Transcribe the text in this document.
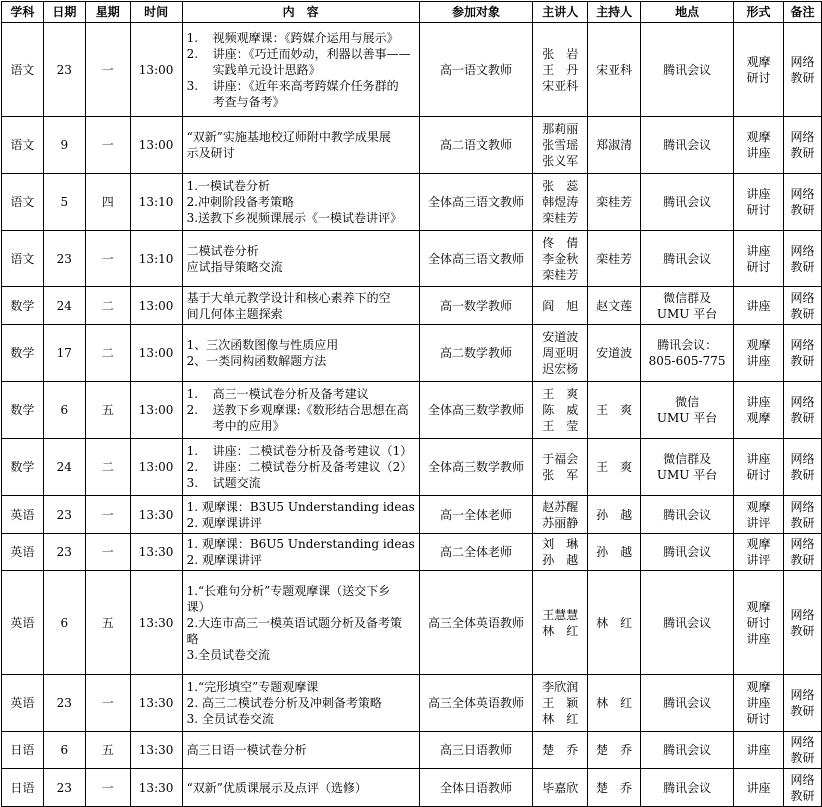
学科	日期	星期	时间	内　容	参加对象	主讲人	主持人	地点	形式	备注
语文	23	一	13:00	1. 视频观摩课：《跨媒介运用与展示》
2. 讲座：《巧迁而妙动，利器以善事——
实践单元设计思路》
3. 讲座：《近年来高考跨媒介任务群的
考查与备考》	高一语文教师	张　岩
王　丹
宋亚科	宋亚科	腾讯会议	观摩
研讨	网络
教研

语文	9	一	13:00	“双新”实施基地校辽师附中教学成果展
示及研讨	高二语文教师	那莉丽
张雪瑶
张义军	郑淑清	腾讯会议	观摩
讲座	网络
教研

语文	5	四	13:10	1.一模试卷分析
2.冲刺阶段备考策略
3.送教下乡视频课展示《一模试卷讲评》	全体高三语文教师	张　蕊
韩煜涛
栾桂芳	栾桂芳	腾讯会议	讲座
研讨	网络
教研

语文	23	一	13:10	二模试卷分析
应试指导策略交流	全体高三语文教师	佟　倩
李金秋
栾桂芳	栾桂芳	腾讯会议	讲座
研讨	网络
教研

数学	24	二	13:00	基于大单元教学设计和核心素养下的空
间几何体主题探索	高一数学教师	阎　旭	赵文莲	微信群及
UMU 平台	讲座	网络
教研

数学	17	二	13:00	1、三次函数图像与性质应用
2、一类同构函数解题方法	高二数学教师	安道波
周亚明
迟宏杨	安道波	腾讯会议：
805-605-775	观摩
讲座	网络
教研

数学	6	五	13:00	1. 高三一模试卷分析及备考建议
2. 送教下乡观摩课:《数形结合思想在高
考中的应用》	全体高三数学教师	王　爽
陈　威
王　莹	王　爽	微信
UMU 平台	讲座
观摩	网络
教研

数学	24	二	13:00	1. 讲座：二模试卷分析及备考建议（1）
2. 讲座：二模试卷分析及备考建议（2）
3. 试题交流	全体高三数学教师	于福会
张　军	王　爽	微信群及
UMU 平台	讲座
研讨	网络
教研

英语	23	一	13:30	1. 观摩课：B3U5 Understanding ideas
2. 观摩课讲评	高一全体老师	赵苏醒
苏丽静	孙　越	腾讯会议	观摩
讲评	网络
教研

英语	23	一	13:30	1. 观摩课：B6U5 Understanding ideas
2. 观摩课讲评	高二全体老师	刘　琳
孙　越	孙　越	腾讯会议	观摩
讲评	网络
教研

英语	6	五	13:30	1.“长难句分析”专题观摩课（送交下乡
课）
2.大连市高三一模英语试题分析及备考策
略
3.全员试卷交流	高三全体英语教师	王慧慧
林　红	林　红	腾讯会议	观摩
研讨
讲座	网络
教研

英语	23	一	13:30	1.“完形填空”专题观摩课
2. 高三二模试卷分析及冲刺备考策略
3. 全员试卷交流	高三全体英语教师	李欣润
王　颖
林　红	林　红	腾讯会议	观摩
讲座
研讨	网络
教研

日语	6	五	13:30	高三日语一模试卷分析	高三日语教师	楚　乔	楚　乔	腾讯会议	讲座	网络
教研

日语	23	一	13:30	“双新”优质课展示及点评（选修）	全体日语教师	毕嘉欣	楚　乔	腾讯会议	讲座	网络
教研
